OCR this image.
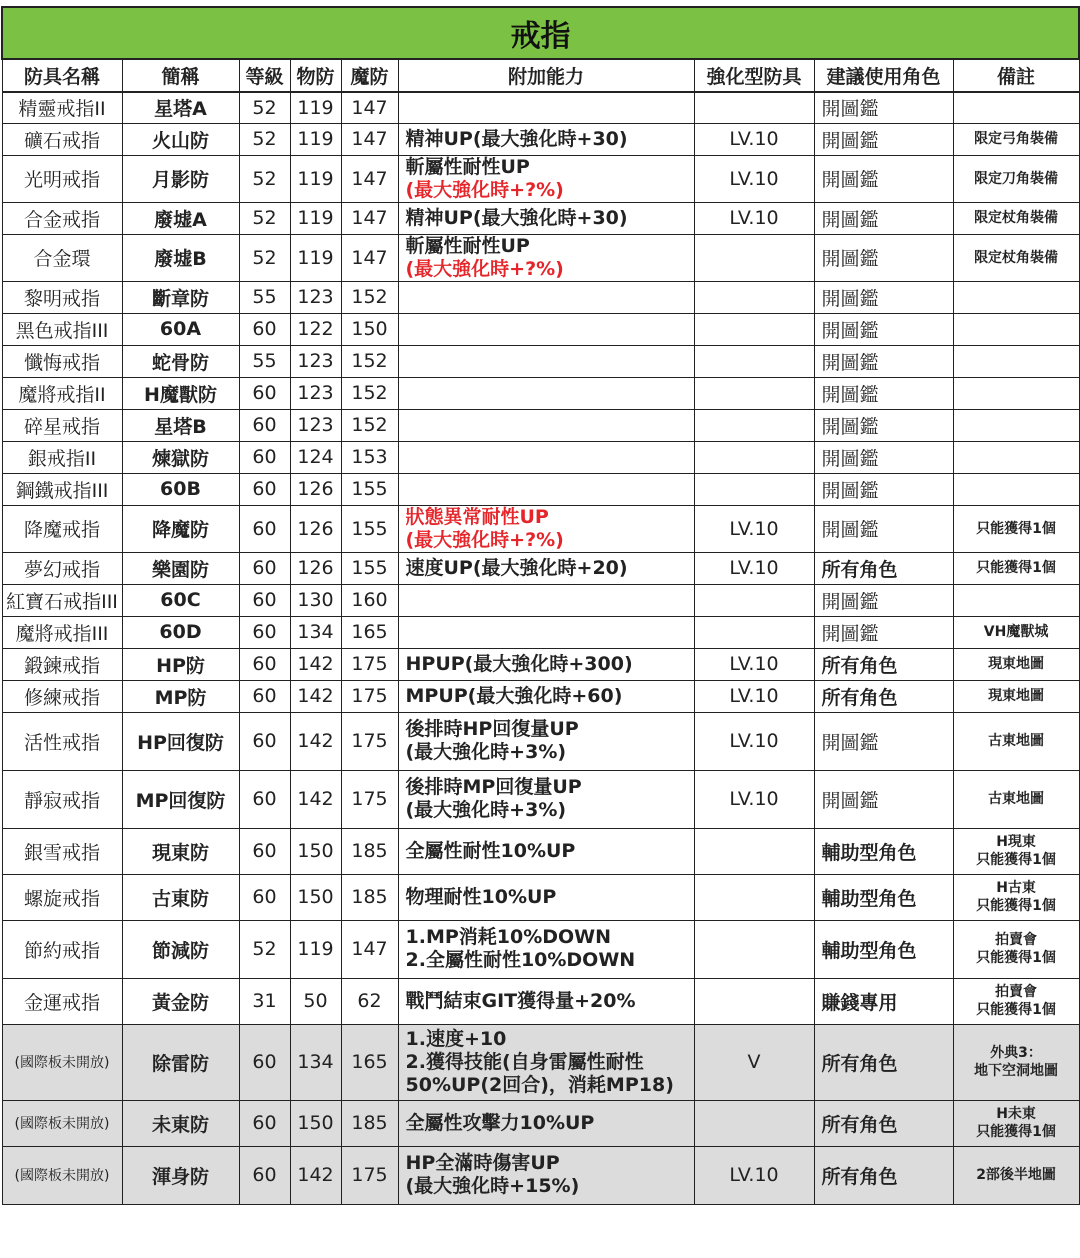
戒指								
防具名稱	簡稱	等級	物防	魔防	附加能力	強化型防具	建議使用角色	備註
精靈戒指II	星塔A	52	119	147			開圖鑑	
礦石戒指	火山防	52	119	147	精神UP(最大強化時+30)	LV.10	開圖鑑	限定弓角裝備

光明戒指	月影防	52	119	147	斬屬性耐性UP
(最大強化時+?%)	LV.10	開圖鑑	限定刀角裝備

合金戒指	廢墟A	52	119	147	精神UP(最大強化時+30)	LV.10	開圖鑑	限定杖角裝備

合金環	廢墟B	52	119	147	斬屬性耐性UP
(最大強化時+?%)		開圖鑑	限定杖角裝備

黎明戒指	斷章防	55	123	152			開圖鑑	
黑色戒指III	60A	60	122	150			開圖鑑	
懺悔戒指	蛇骨防	55	123	152			開圖鑑	
魔將戒指II	H魔獸防	60	123	152			開圖鑑	
碎星戒指	星塔B	60	123	152			開圖鑑	
銀戒指II	煉獄防	60	124	153			開圖鑑	
鋼鐵戒指III	60B	60	126	155			開圖鑑	
降魔戒指	降魔防	60	126	155	狀態異常耐性UP
(最大強化時+?%)	LV.10	開圖鑑	只能獲得1個

夢幻戒指	樂園防	60	126	155	速度UP(最大強化時+20)	LV.10	所有角色	只能獲得1個

紅寶石戒指III	60C	60	130	160			開圖鑑	
魔將戒指III	60D	60	134	165			開圖鑑	VH魔獸城

鍛鍊戒指	HP防	60	142	175	HPUP(最大強化時+300)	LV.10	所有角色	現東地圖

修練戒指	MP防	60	142	175	MPUP(最大強化時+60)	LV.10	所有角色	現東地圖

活性戒指	HP回復防	60	142	175	後排時HP回復量UP
(最大強化時+3%)	LV.10	開圖鑑	古東地圖

靜寂戒指	MP回復防	60	142	175	後排時MP回復量UP
(最大強化時+3%)	LV.10	開圖鑑	古東地圖

銀雪戒指	現東防	60	150	185	全屬性耐性10%UP		輔助型角色	H現東
只能獲得1個

螺旋戒指	古東防	60	150	185	物理耐性10%UP		輔助型角色	H古東
只能獲得1個

節約戒指	節減防	52	119	147	1.MP消耗10%DOWN
2.全屬性耐性10%DOWN		輔助型角色	拍賣會
只能獲得1個

金運戒指	黃金防	31	50	62	戰鬥結束GIT獲得量+20%		賺錢專用	拍賣會
只能獲得1個

(國際板未開放)	除雷防	60	134	165	1.速度+10
2.獲得技能(自身雷屬性耐性
50%UP(2回合)，消耗MP18)	V	所有角色	外典3：
地下空洞地圖

(國際板未開放)	未東防	60	150	185	全屬性攻擊力10%UP		所有角色	H未東
只能獲得1個

(國際板未開放)	渾身防	60	142	175	HP全滿時傷害UP
(最大強化時+15%)	LV.10	所有角色	2部後半地圖
